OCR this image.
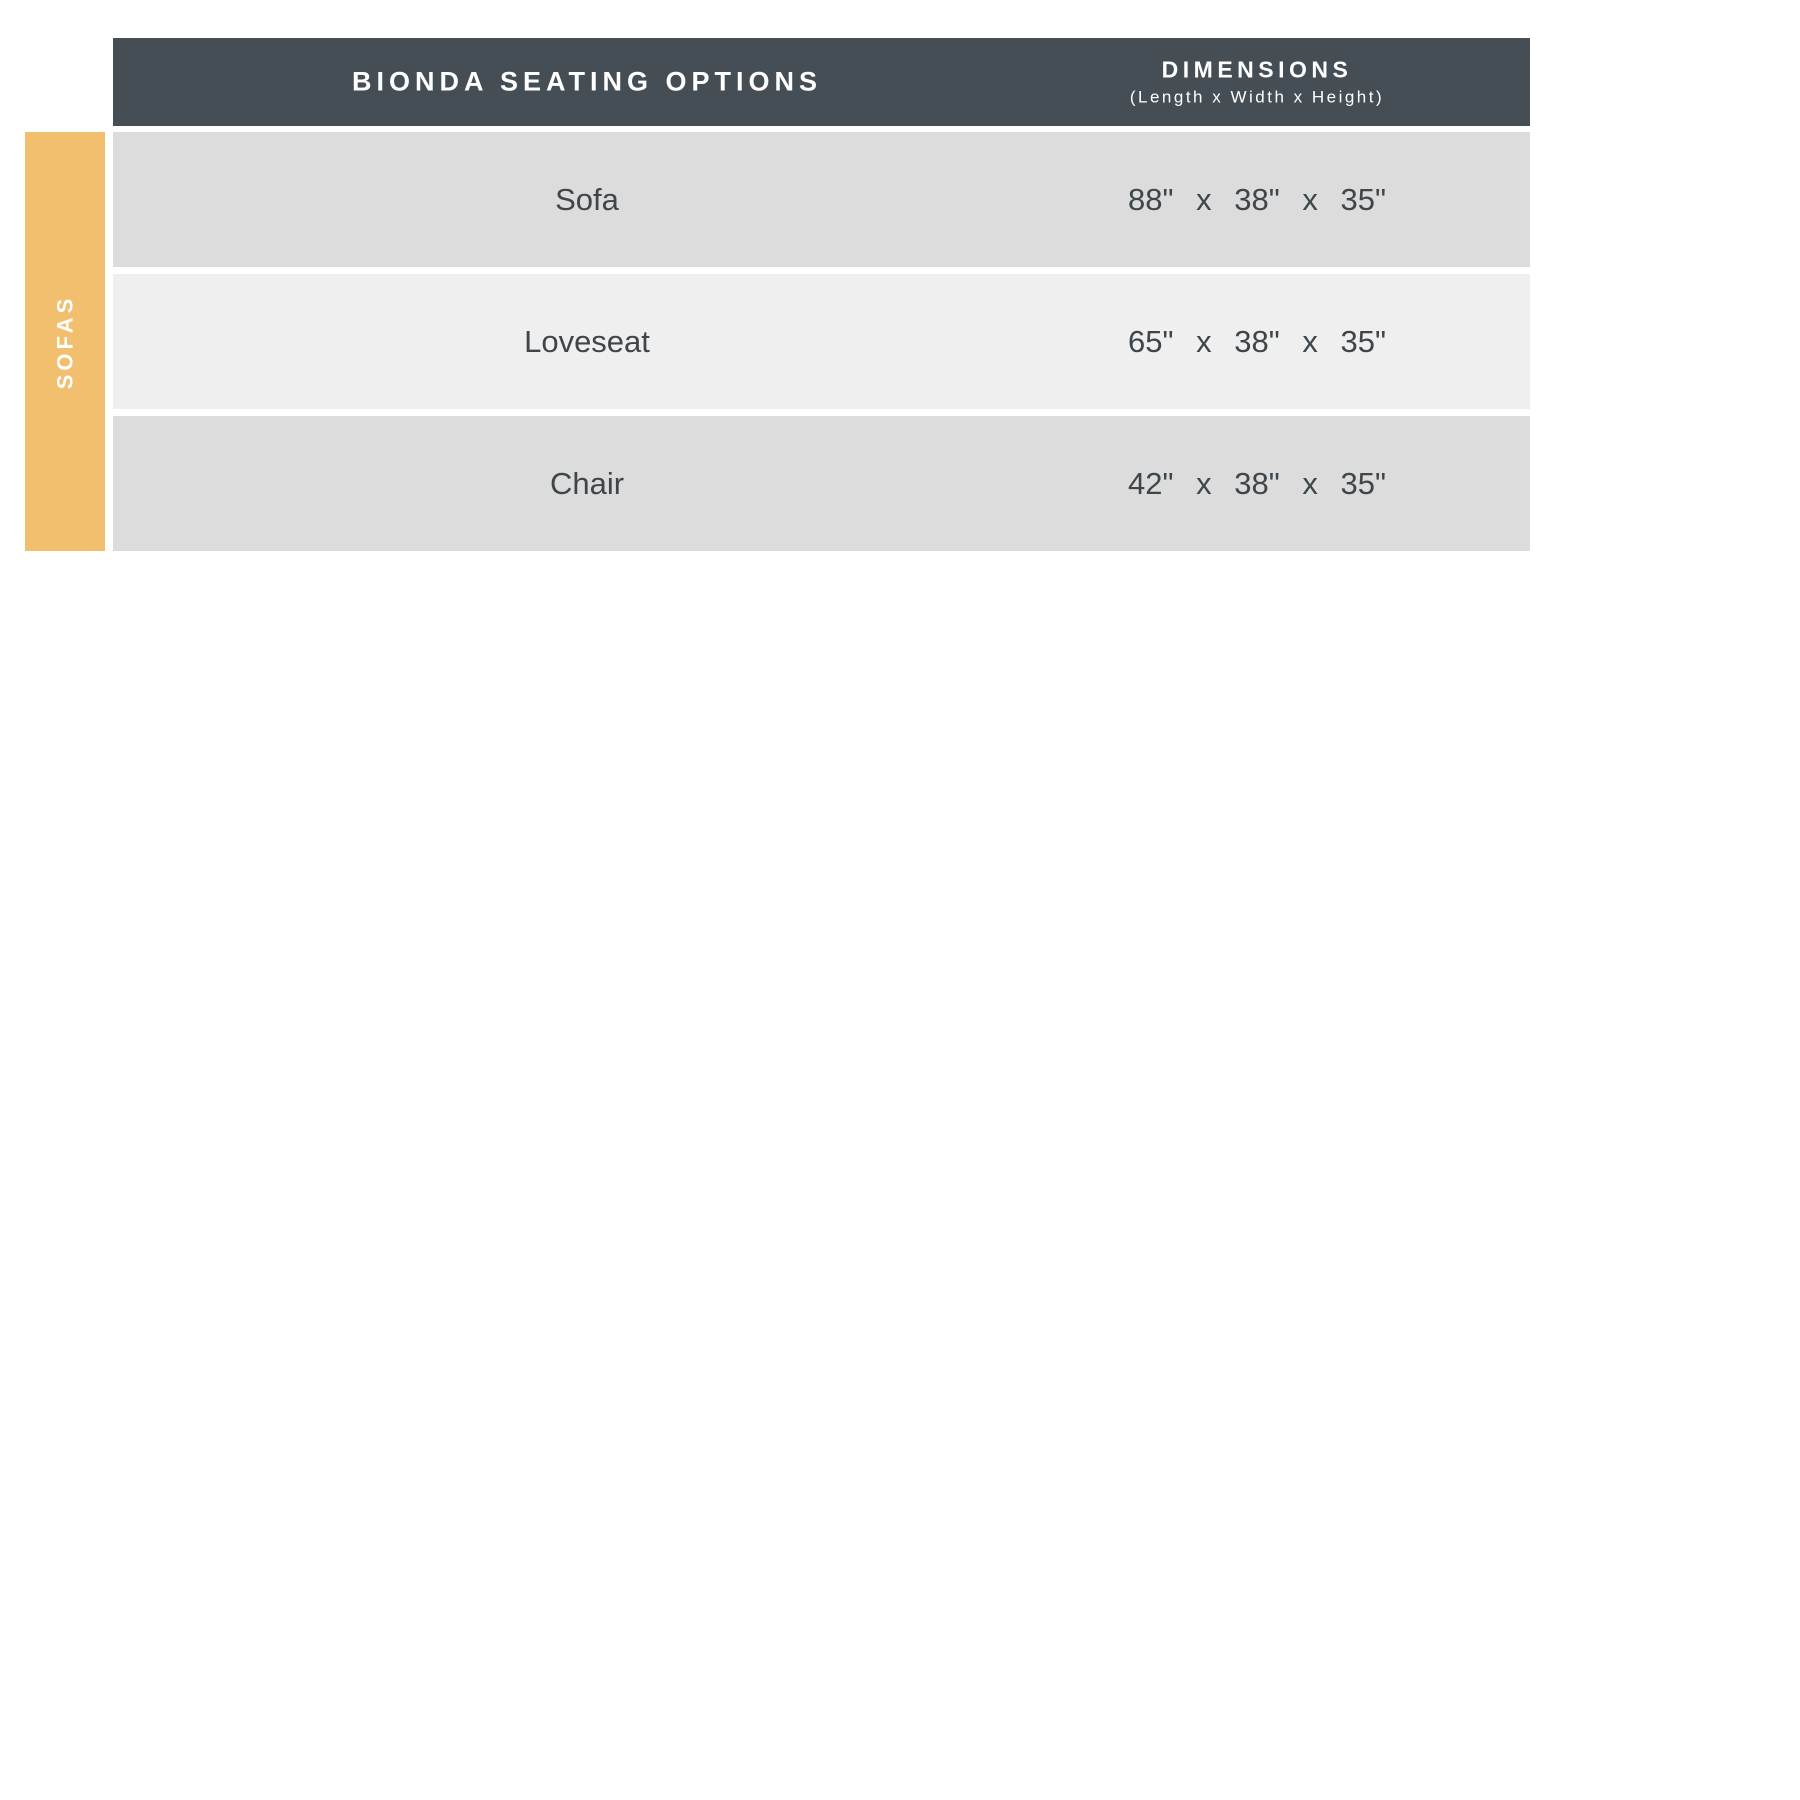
BIONDA SEATING OPTIONS	DIMENSIONS
(Length x Width x Height)
SOFAS
Sofa	88" x 38" x 35"
Loveseat	65" x 38" x 35"
Chair	42" x 38" x 35"
